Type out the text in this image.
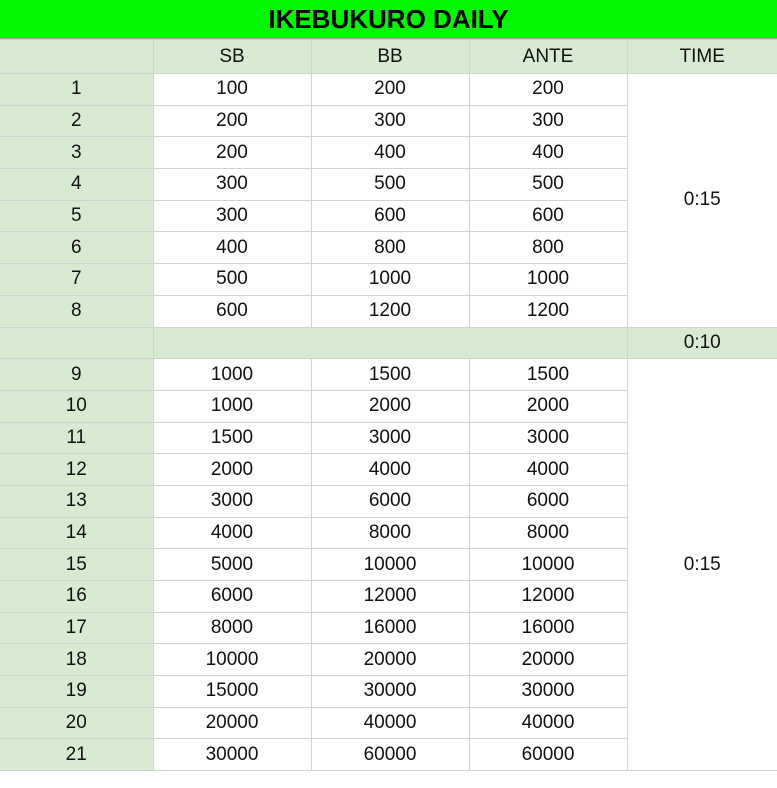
IKEBUKURO DAILY
	SB	BB	ANTE	TIME
1	100	200	200	0:15
2	200	300	300	
3	200	400	400	
4	300	500	500	
5	300	600	600	
6	400	800	800	
7	500	1000	1000	
8	600	1200	1200	
				0:10
9	1000	1500	1500	0:15
10	1000	2000	2000	
11	1500	3000	3000	
12	2000	4000	4000	
13	3000	6000	6000	
14	4000	8000	8000	
15	5000	10000	10000	
16	6000	12000	12000	
17	8000	16000	16000	
18	10000	20000	20000	
19	15000	30000	30000	
20	20000	40000	40000	
21	30000	60000	60000	
